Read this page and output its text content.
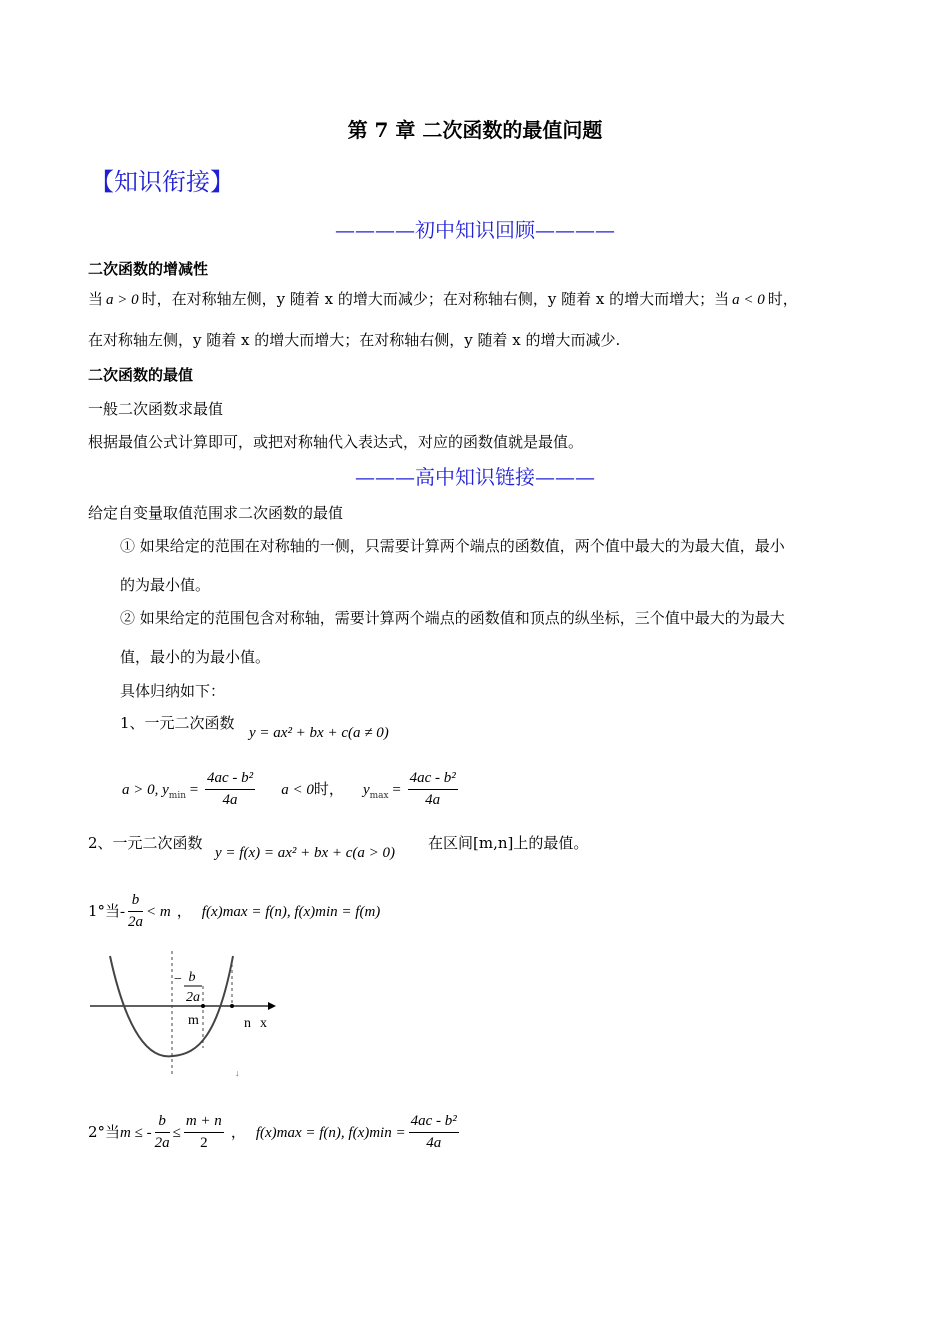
第 7 章 二次函数的最值问题
【知识衔接】
————初中知识回顾————
二次函数的增减性
当 a > 0 时，在对称轴左侧，y 随着 x 的增大而减少；在对称轴右侧，y 随着 x 的增大而增大；当 a < 0 时，
在对称轴左侧，y 随着 x 的增大而增大；在对称轴右侧，y 随着 x 的增大而减少.
二次函数的最值
一般二次函数求最值
根据最值公式计算即可，或把对称轴代入表达式，对应的函数值就是最值。
———高中知识链接———
给定自变量取值范围求二次函数的最值
① 如果给定的范围在对称轴的一侧，只需要计算两个端点的函数值，两个值中最大的为最大值，最小
的为最小值。
② 如果给定的范围包含对称轴，需要计算两个端点的函数值和顶点的纵坐标，三个值中最大的为最大
值，最小的为最小值。
具体归纳如下：
1、一元二次函数
y = ax² + bx + c(a ≠ 0)
a > 0, $y_{min} = \frac{\text{4ac - b²}}{4a}$ a < 0时， $y_{max} = \frac{\text{4ac - b²}}{4a}$
2、一元二次函数
y = f(x) = ax² + bx + c(a > 0)
在区间[m,n]上的最值。
1°当- $\frac{b}{2a} < m$ ， f(x)max = f(n), f(x)min = f(m)
− b
2a
m	n x
↓
2°当m ≤ - $\frac{b}{2a} \le \frac{m + n}{2}$ ， f(x)max = f(n), $f(x)\min = \frac{\text{4ac - b²}}{4a}$
